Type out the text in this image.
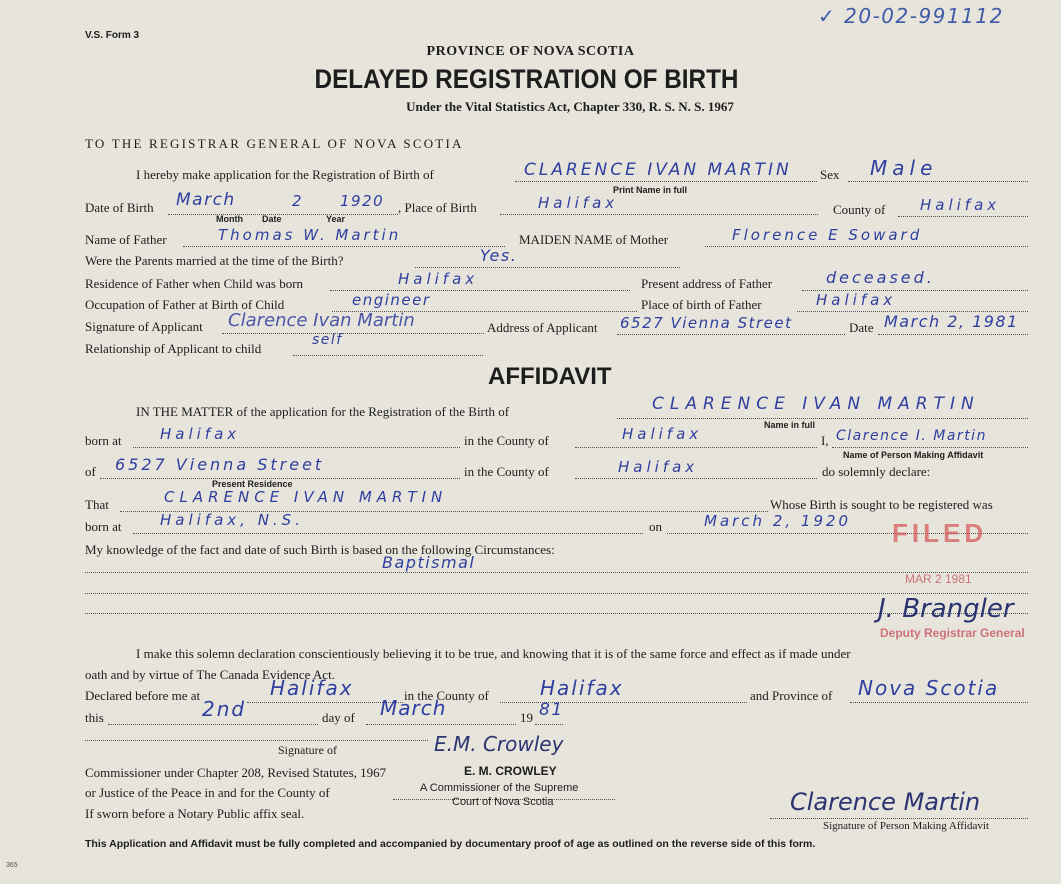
✓ 20-02-991112
V.S. Form 3
PROVINCE OF NOVA SCOTIA
DELAYED REGISTRATION OF BIRTH
Under the Vital Statistics Act, Chapter 330, R. S. N. S. 1967
TO THE REGISTRAR GENERAL OF NOVA SCOTIA
I hereby make application for the Registration of Birth of	CLARENCE IVAN MARTIN Sex Male
Print Name in full
Date of Birth March	2 1920 , Place of Birth	Halifax	County of Halifax
Month Date	Year
Name of Father	Thomas W. Martin	MAIDEN NAME of Mother	Florence E Soward
Were the Parents married at the time of the Birth?	Yes.
Residence of Father when Child was born	Halifax	Present address of Father	deceased.
Occupation of Father at Birth of Child	engineer	Place of birth of Father	Halifax
Signature of Applicant Clarence Ivan Martin	Address of Applicant 6527 Vienna Street	Date March 2, 1981
Relationship of Applicant to child
self
AFFIDAVIT
IN THE MATTER of the application for the Registration of the Birth of	CLARENCE IVAN MARTIN
Name in full
born at	Halifax	in the County of	Halifax	I, Clarence I. Martin
Name of Person Making Affidavit
of 6527 Vienna Street	in the County of	Halifax	do solemnly declare:
Present Residence
That	CLARENCE IVAN MARTIN	Whose Birth is sought to be registered was
born at	Halifax, N.S.	on	March 2, 1920
My knowledge of the fact and date of such Birth is based on the following Circumstances:
Baptismal
FILED
MAR 2 1981
J. Brangler
Deputy Registrar General
I make this solemn declaration conscientiously believing it to be true, and knowing that it is of the same force and effect as if made under
oath and by virtue of The Canada Evidence Act.
Declared before me at	Halifax	in the County of	Halifax	and Province of Nova Scotia
this	2nd	day of March	19 81
Signature of	E.M. Crowley
E. M. CROWLEY
Commissioner under Chapter 208, Revised Statutes, 1967
or Justice of the Peace in and for the County of	A Commissioner of the Supreme
Court of Nova Scotia
If sworn before a Notary Public affix seal.	Clarence Martin
Signature of Person Making Affidavit
This Application and Affidavit must be fully completed and accompanied by documentary proof of age as outlined on the reverse side of this form.
365
